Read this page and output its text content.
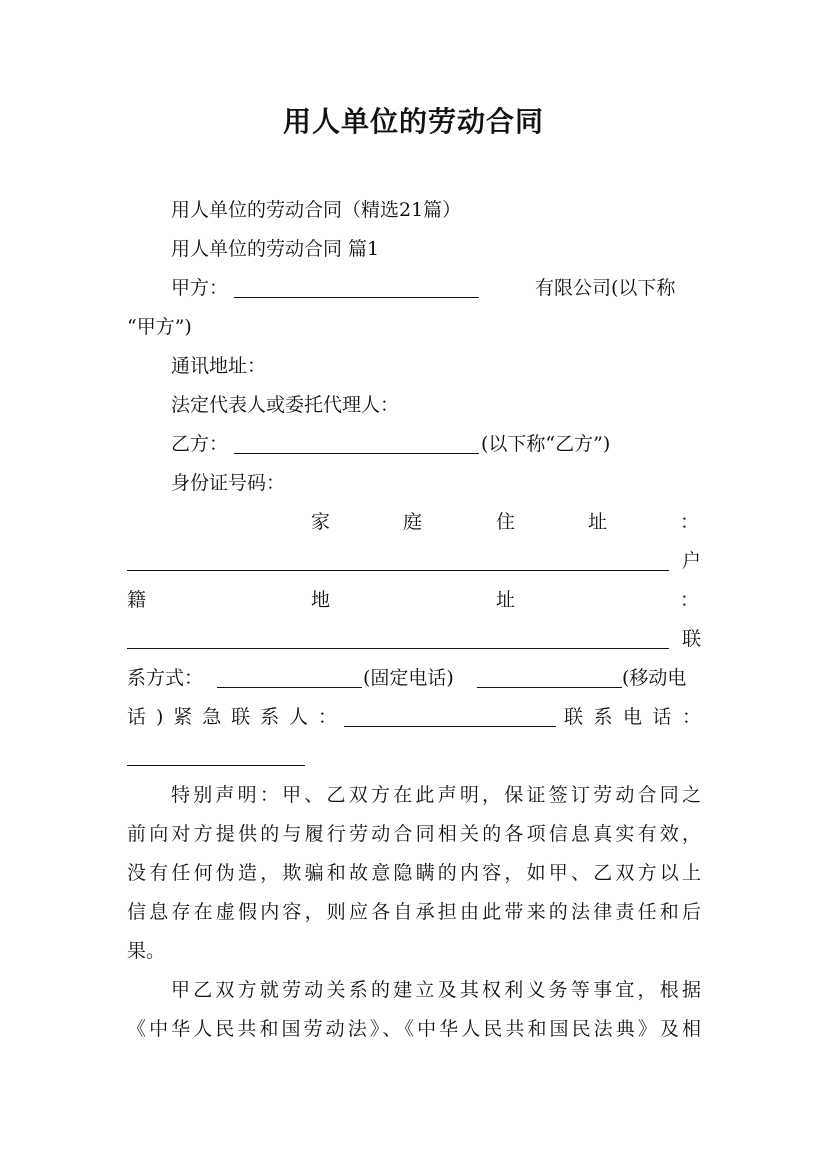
用人单位的劳动合同
用人单位的劳动合同（精选21篇）
用人单位的劳动合同 篇1
甲方：	有限公司(以下称
“甲方”)
通讯地址：
法定代表人或委托代理人：
乙方：	(以下称“乙方”)
身份证号码：
家	庭	住	址	：
户
籍	地	址	：
联
系方式：	(固定电话)	(移动电
话)紧急联系人：	联系电话：
特别声明：甲、乙双方在此声明，保证签订劳动合同之
前向对方提供的与履行劳动合同相关的各项信息真实有效，
没有任何伪造，欺骗和故意隐瞒的内容，如甲、乙双方以上
信息存在虚假内容，则应各自承担由此带来的法律责任和后
果。
甲乙双方就劳动关系的建立及其权利义务等事宜，根据
《中华人民共和国劳动法》、《中华人民共和国民法典》及相
